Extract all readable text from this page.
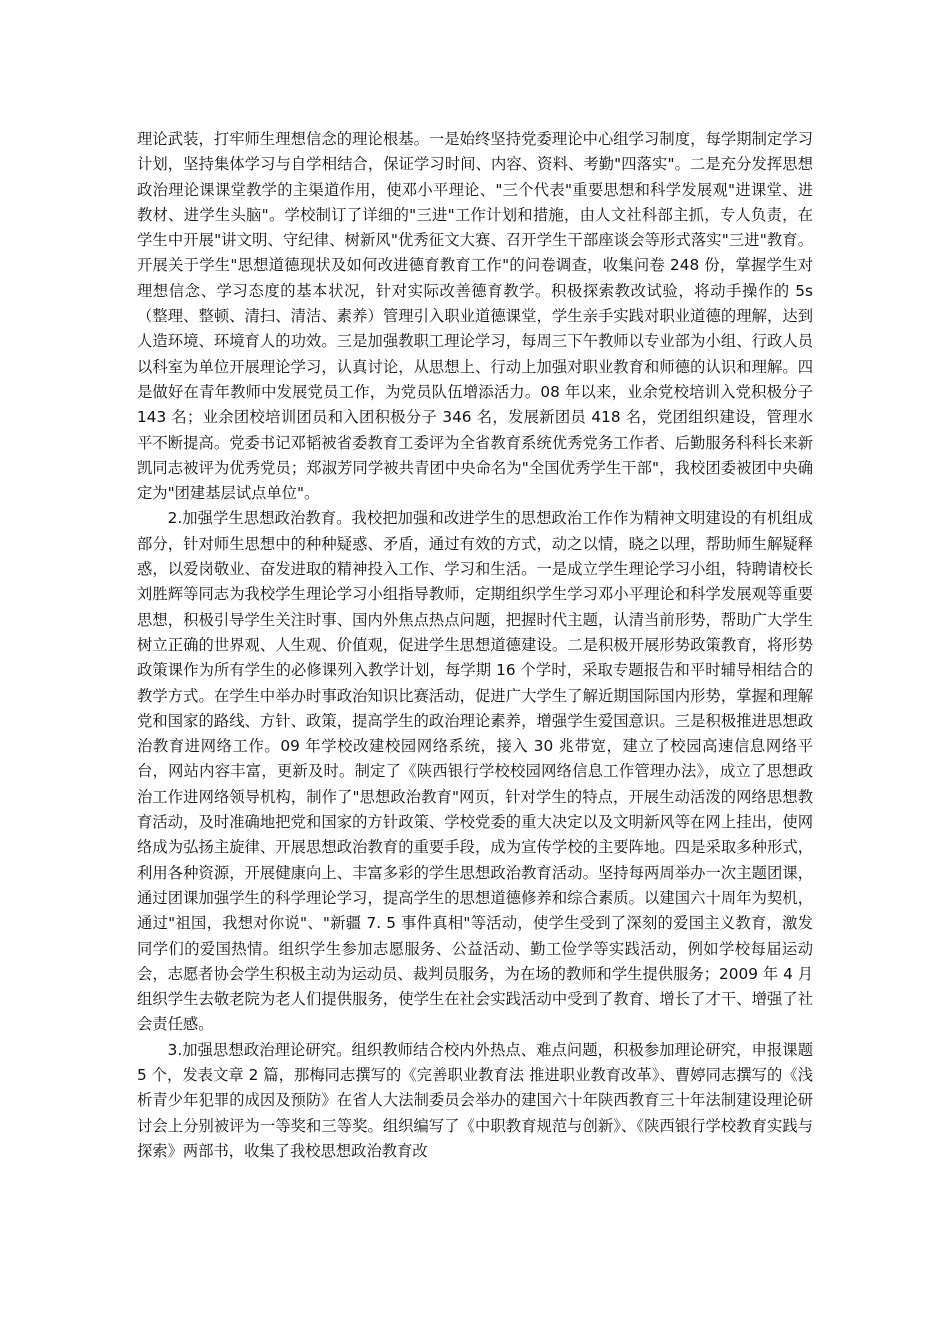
理论武装，打牢师生理想信念的理论根基。一是始终坚持党委理论中心组学习制度，每学期制定学习计划，坚持集体学习与自学相结合，保证学习时间、内容、资料、考勤"四落实"。二是充分发挥思想政治理论课课堂教学的主渠道作用，使邓小平理论、"三个代表"重要思想和科学发展观"进课堂、进教材、进学生头脑"。学校制订了详细的"三进"工作计划和措施，由人文社科部主抓，专人负责，在学生中开展"讲文明、守纪律、树新风"优秀征文大赛、召开学生干部座谈会等形式落实"三进"教育。开展关于学生"思想道德现状及如何改进德育教育工作"的问卷调查，收集问卷 248 份，掌握学生对理想信念、学习态度的基本状况，针对实际改善德育教学。积极探索教改试验，将动手操作的 5s（整理、整顿、清扫、清洁、素养）管理引入职业道德课堂，学生亲手实践对职业道德的理解，达到人造环境、环境育人的功效。三是加强教职工理论学习，每周三下午教师以专业部为小组、行政人员以科室为单位开展理论学习，认真讨论，从思想上、行动上加强对职业教育和师德的认识和理解。四是做好在青年教师中发展党员工作，为党员队伍增添活力。08 年以来，业余党校培训入党积极分子 143 名；业余团校培训团员和入团积极分子 346 名，发展新团员 418 名，党团组织建设，管理水平不断提高。党委书记邓韬被省委教育工委评为全省教育系统优秀党务工作者、后勤服务科科长来新凯同志被评为优秀党员；郑淑芳同学被共青团中央命名为"全国优秀学生干部"，我校团委被团中央确定为"团建基层试点单位"。

2.加强学生思想政治教育。我校把加强和改进学生的思想政治工作作为精神文明建设的有机组成部分，针对师生思想中的种种疑惑、矛盾，通过有效的方式，动之以情，晓之以理，帮助师生解疑释惑，以爱岗敬业、奋发进取的精神投入工作、学习和生活。一是成立学生理论学习小组，特聘请校长刘胜辉等同志为我校学生理论学习小组指导教师，定期组织学生学习邓小平理论和科学发展观等重要思想，积极引导学生关注时事、国内外焦点热点问题，把握时代主题，认清当前形势，帮助广大学生树立正确的世界观、人生观、价值观，促进学生思想道德建设。二是积极开展形势政策教育，将形势政策课作为所有学生的必修课列入教学计划，每学期 16 个学时，采取专题报告和平时辅导相结合的教学方式。在学生中举办时事政治知识比赛活动，促进广大学生了解近期国际国内形势，掌握和理解党和国家的路线、方针、政策，提高学生的政治理论素养，增强学生爱国意识。三是积极推进思想政治教育进网络工作。09 年学校改建校园网络系统，接入 30 兆带宽，建立了校园高速信息网络平台，网站内容丰富，更新及时。制定了《陕西银行学校校园网络信息工作管理办法》，成立了思想政治工作进网络领导机构，制作了"思想政治教育"网页，针对学生的特点，开展生动活泼的网络思想教育活动，及时准确地把党和国家的方针政策、学校党委的重大决定以及文明新风等在网上挂出，使网络成为弘扬主旋律、开展思想政治教育的重要手段，成为宣传学校的主要阵地。四是采取多种形式，利用各种资源，开展健康向上、丰富多彩的学生思想政治教育活动。坚持每两周举办一次主题团课，通过团课加强学生的科学理论学习，提高学生的思想道德修养和综合素质。以建国六十周年为契机，通过"祖国，我想对你说"、"新疆 7. 5 事件真相"等活动，使学生受到了深刻的爱国主义教育，激发同学们的爱国热情。组织学生参加志愿服务、公益活动、勤工俭学等实践活动，例如学校每届运动会，志愿者协会学生积极主动为运动员、裁判员服务，为在场的教师和学生提供服务；2009 年 4 月组织学生去敬老院为老人们提供服务，使学生在社会实践活动中受到了教育、增长了才干、增强了社会责任感。

3.加强思想政治理论研究。组织教师结合校内外热点、难点问题，积极参加理论研究，申报课题 5 个，发表文章 2 篇，那梅同志撰写的《完善职业教育法 推进职业教育改革》、曹婷同志撰写的《浅析青少年犯罪的成因及预防》在省人大法制委员会举办的建国六十年陕西教育三十年法制建设理论研讨会上分别被评为一等奖和三等奖。组织编写了《中职教育规范与创新》、《陕西银行学校教育实践与探索》两部书，收集了我校思想政治教育改
